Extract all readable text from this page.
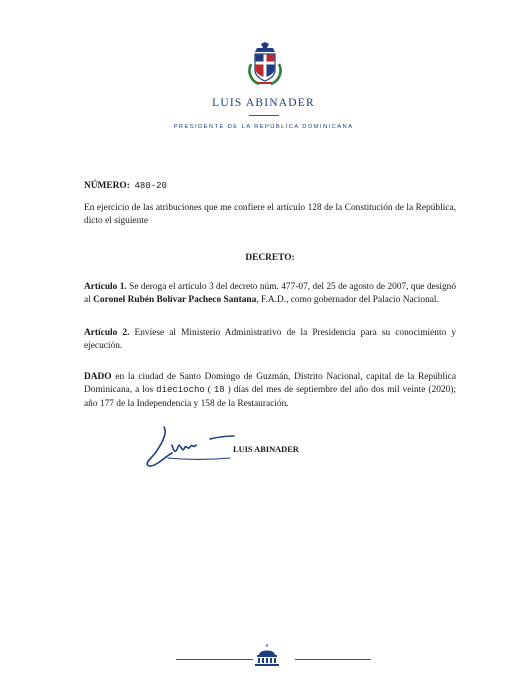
LUIS ABINADER
PRESIDENTE DE LA REPÚBLICA DOMINICANA
NÚMERO: 480-20
En ejercicio de las atribuciones que me confiere el artículo 128 de la Constitución de la República, dicto el siguiente
DECRETO:
Artículo 1. Se deroga el artículo 3 del decreto núm. 477-07, del 25 de agosto de 2007, que designó al Coronel Rubén Bolívar Pacheco Santana, F.A.D., como gobernador del Palacio Nacional.
Artículo 2. Envíese al Ministerio Administrativo de la Presidencia para su conocimiento y ejecución.
DADO en la ciudad de Santo Domingo de Guzmán, Distrito Nacional, capital de la República Dominicana, a los dieciocho ( 18 ) días del mes de septiembre del año dos mil veinte (2020); año 177 de la Independencia y 158 de la Restauración.
LUIS ABINADER
